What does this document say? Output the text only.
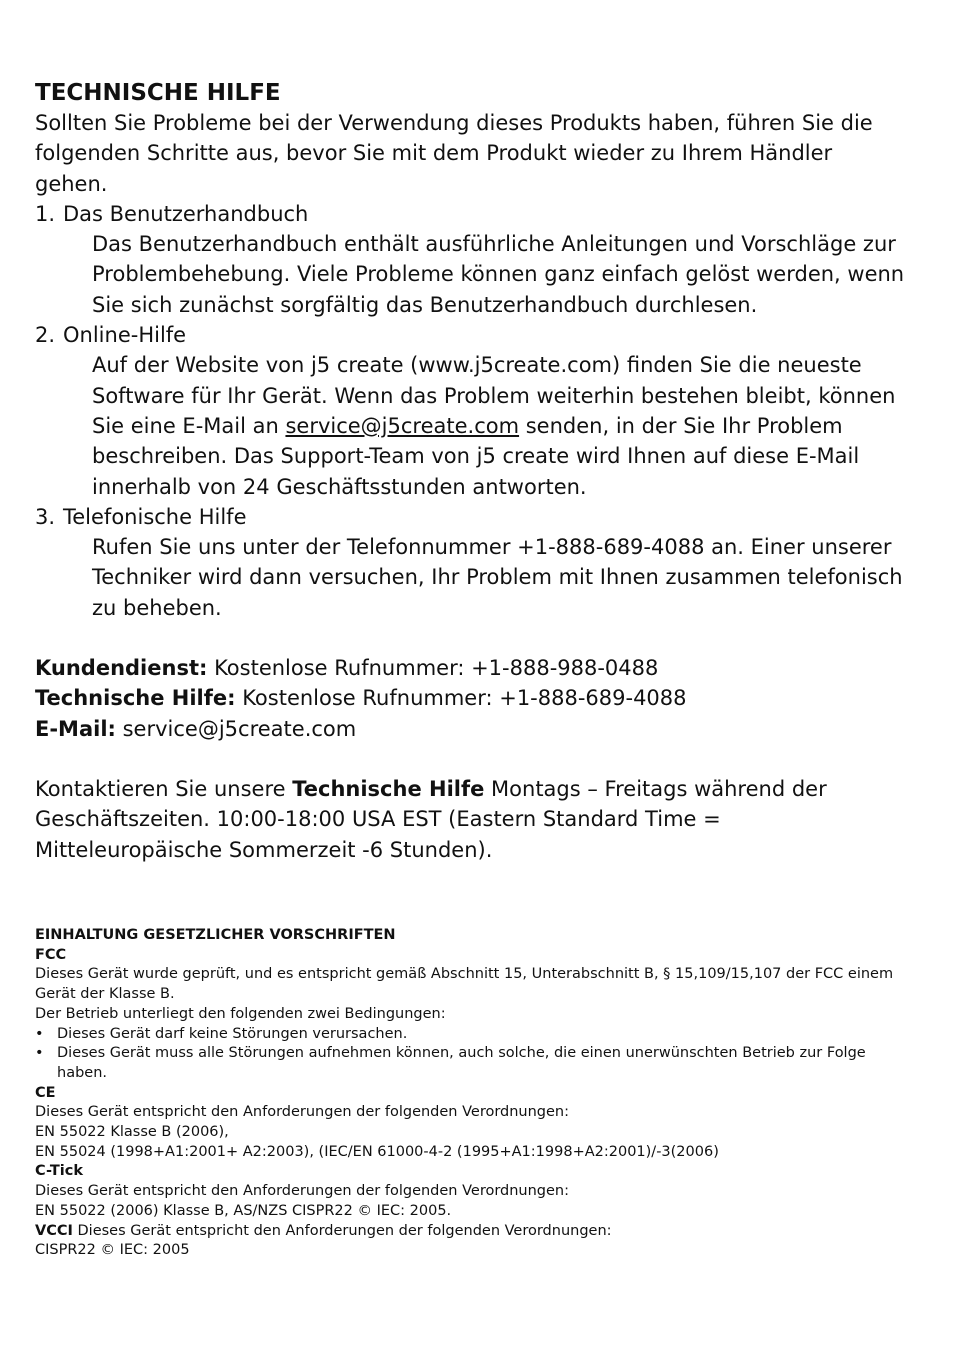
TECHNISCHE HILFE

Sollten Sie Probleme bei der Verwendung dieses Produkts haben, führen Sie die folgenden Schritte aus, bevor Sie mit dem Produkt wieder zu Ihrem Händler gehen.

1. Das Benutzerhandbuch
Das Benutzerhandbuch enthält ausführliche Anleitungen und Vorschläge zur Problembehebung. Viele Probleme können ganz einfach gelöst werden, wenn Sie sich zunächst sorgfältig das Benutzerhandbuch durchlesen.
2. Online-Hilfe
Auf der Website von j5 create (www.j5create.com) finden Sie die neueste Software für Ihr Gerät. Wenn das Problem weiterhin bestehen bleibt, können Sie eine E-Mail an service@j5create.com senden, in der Sie Ihr Problem beschreiben. Das Support-Team von j5 create wird Ihnen auf diese E-Mail innerhalb von 24 Geschäftsstunden antworten.
3. Telefonische Hilfe
Rufen Sie uns unter der Telefonnummer +1-888-689-4088 an. Einer unserer Techniker wird dann versuchen, Ihr Problem mit Ihnen zusammen telefonisch zu beheben.
Kundendienst: Kostenlose Rufnummer: +1-888-988-0488
Technische Hilfe: Kostenlose Rufnummer: +1-888-689-4088
E-Mail: service@j5create.com

Kontaktieren Sie unsere Technische Hilfe Montags – Freitags während der Geschäftszeiten. 10:00-18:00 USA EST (Eastern Standard Time = Mitteleuropäische Sommerzeit -6 Stunden).

EINHALTUNG GESETZLICHER VORSCHRIFTEN
FCC

Dieses Gerät wurde geprüft, und es entspricht gemäß Abschnitt 15, Unterabschnitt B, § 15,109/15,107 der FCC einem Gerät der Klasse B.

Der Betrieb unterliegt den folgenden zwei Bedingungen:

• Dieses Gerät darf keine Störungen verursachen.
• Dieses Gerät muss alle Störungen aufnehmen können, auch solche, die einen unerwünschten Betrieb zur Folge haben.
CE

Dieses Gerät entspricht den Anforderungen der folgenden Verordnungen:

EN 55022 Klasse B (2006),

EN 55024 (1998+A1:2001+ A2:2003), (IEC/EN 61000-4-2 (1995+A1:1998+A2:2001)/-3(2006)

C-Tick

Dieses Gerät entspricht den Anforderungen der folgenden Verordnungen:

EN 55022 (2006) Klasse B, AS/NZS CISPR22 © IEC: 2005.

VCCI Dieses Gerät entspricht den Anforderungen der folgenden Verordnungen:

CISPR22 © IEC: 2005
